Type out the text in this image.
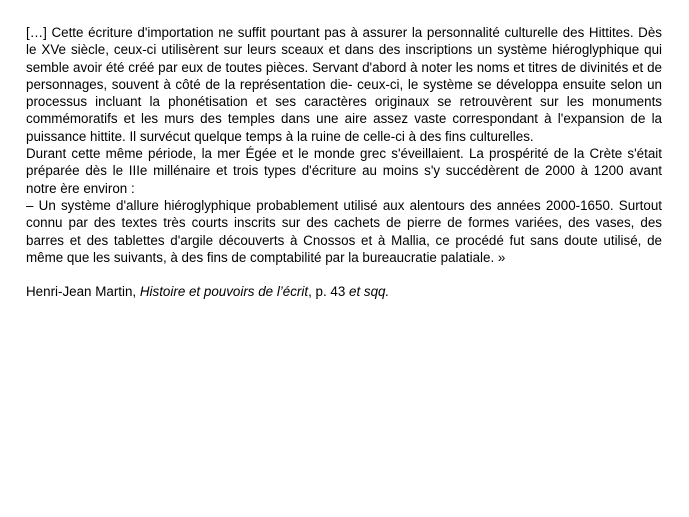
[…] Cette écriture d'importation ne suffit pourtant pas à assurer la personnalité culturelle des Hittites. Dès le XVe siècle, ceux-ci utilisèrent sur leurs sceaux et dans des inscriptions un système hiéroglyphique qui semble avoir été créé par eux de toutes pièces. Servant d'abord à noter les noms et titres de divinités et de personnages, souvent à côté de la représentation die- ceux-ci, le système se développa ensuite selon un processus incluant la phonétisation et ses caractères originaux se retrouvèrent sur les monuments commémoratifs et les murs des temples dans une aire assez vaste correspondant à l'expansion de la puissance hittite. Il survécut quelque temps à la ruine de celle-ci à des fins culturelles.

Durant cette même période, la mer Égée et le monde grec s'éveillaient. La prospérité de la Crète s'était préparée dès le IIIe millénaire et trois types d'écriture au moins s'y succédèrent de 2000 à 1200 avant notre ère environ :

– Un système d'allure hiéroglyphique probablement utilisé aux alentours des années 2000-1650. Surtout connu par des textes très courts inscrits sur des cachets de pierre de formes variées, des vases, des barres et des tablettes d'argile découverts à Cnossos et à Mallia, ce procédé fut sans doute utilisé, de même que les suivants, à des fins de comptabilité par la bureaucratie palatiale. »

Henri-Jean Martin, Histoire et pouvoirs de l’écrit, p. 43 et sqq.
